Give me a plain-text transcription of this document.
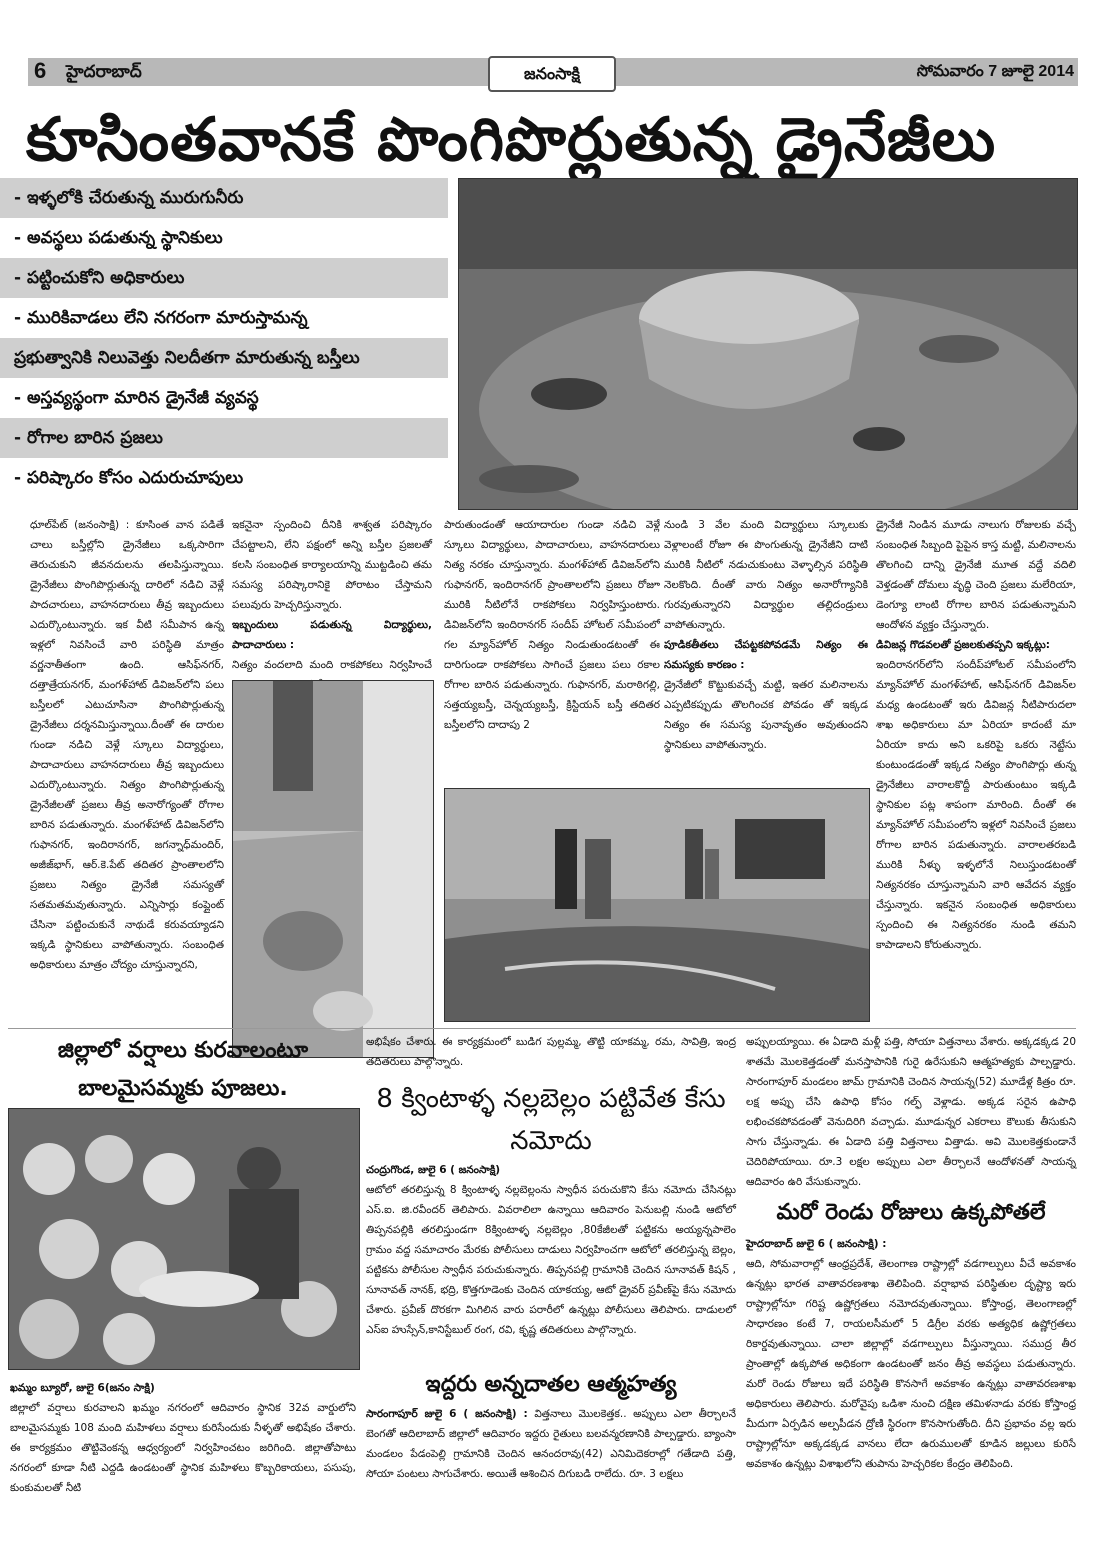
6 హైదరాబాద్	జనంసాక్షి	సోమవారం 7 జూలై 2014
కూసింతవానకే పొంగిపొర్లుతున్న డ్రైనేజీలు
- ఇళ్ళలోకి చేరుతున్న మురుగునీరు
- అవస్థలు పడుతున్న స్థానికులు
- పట్టించుకోని అధికారులు
- మురికివాడలు లేని నగరంగా మారుస్తామన్న
ప్రభుత్వానికి నిలువెత్తు నిలదీతగా మారుతున్న బస్తీలు
- అస్తవ్యస్థంగా మారిన డ్రైనేజీ వ్యవస్థ
- రోగాల బారిన ప్రజలు
- పరిష్కారం కోసం ఎదురుచూపులు
ధూల్‌పేట్ (జనంసాక్షి) : కూసింత వాన పడితే చాలు బస్తీల్లోని డ్రైనేజీలు ఒక్కసారిగా తెరుచుకుని జీవనదులను తలపిస్తున్నాయి. డ్రైనేజీలు పొంగిపొర్లుతున్న దారిలో నడిచి వెళ్లే పాదచారులు, వాహనదారులు తీవ్ర ఇబ్బందులు ఎదుర్కొంటున్నారు. ఇక వీటి సమీపాన ఉన్న ఇళ్లలో నివసించే వారి పరిస్థితి మాత్రం వర్ణనాతీతంగా ఉంది. ఆసిఫ్‌నగర్, దత్తాత్రేయనగర్, మంగళ్‌హాట్ డివిజన్‌లోని పలు బస్తీలలో ఎటుచూసినా పొంగిపొర్లుతున్న డ్రైనేజీలు దర్శనమిస్తున్నాయి.దీంతో ఈ దారుల గుండా నడిచి వెళ్లే స్కూలు విద్యార్థులు, పాదాచారులు వాహనదారులు తీవ్ర ఇబ్బందులు ఎదుర్కొంటున్నారు. నిత్యం పొంగిపొర్లుతున్న డ్రైనేజీలతో ప్రజలు తీవ్ర అనారోగ్యంతో రోగాల బారిన పడుతున్నారు. మంగళ్‌హాట్ డివిజన్‌లోని గుఫానగర్, ఇందిరానగర్, జగన్నాధ్‌మందిర్, అజీజ్‌భాగ్, ఆర్.కె.పేట్ తదితర ప్రాంతాలలోని ప్రజలు నిత్యం డ్రైనేజీ సమస్యతో సతమతమవుతున్నారు. ఎన్నిసార్లు కంప్లైంట్ చేసినా పట్టించుకునే నాథుడే కరువయ్యాడని ఇక్కడి స్థానికులు వాపోతున్నారు. సంబంధిత అధికారులు మాత్రం చోద్యం చూస్తున్నారని,
ఇకనైనా స్పందించి దీనికి శాశ్వత పరిష్కారం చేపట్టాలని, లేని పక్షంలో అన్ని బస్తీల ప్రజలతో కలసి సంబంధిత కార్యాలయాన్ని ముట్టడించి తమ సమస్య పరిష్కారానికై పోరాటం చేస్తామని పలువురు హెచ్చరిస్తున్నారు.
ఇబ్బందులు పడుతున్న విద్యార్థులు, పాదాచారులు :
నిత్యం వందలాది మంది రాకపోకలు నిర్వహించే
పారుతుండంతో ఆయాదారుల గుండా నడిచి వెళ్లే స్కూలు విద్యార్థులు, పాదాచారులు, వాహనదారులు నిత్య నరకం చూస్తున్నారు. మంగళ్‌హాట్ డివిజన్‌లోని గుఫానగర్, ఇందిరానగర్ ప్రాంతాలలోని ప్రజలు రోజూ మురికి నీటిలోనే రాకపోకలు నిర్వహిస్తుంటారు. డివిజన్‌లోని ఇందిరానగర్ సందీప్ హోటల్ సమీపంలో గల మ్యాన్‌హోల్ నిత్యం నిండుతుండటంతో ఈ దారిగుండా రాకపోకలు సాగించే ప్రజలు పలు రకాల రోగాల బారిన పడుతున్నారు. గుఫానగర్, మరాఠిగల్లి, సత్తయ్యబస్తీ, చెన్నయ్యబస్తీ, క్రిస్టియన్ బస్తీ తదితర బస్తీలలోని దాదాపు 2
నుండి 3 వేల మంది విద్యార్థులు స్కూలుకు వెళ్లాలంటే రోజూ ఈ పొంగుతున్న డ్రైనేజీని దాటి మురికి నీటిలో నడుచుకుంటు వెళ్ళాల్సిన పరిస్థితి నెలకొంది. దీంతో వారు నిత్యం అనారోగ్యానికి గురవుతున్నారని విద్యార్థుల తల్లిదండ్రులు వాపోతున్నారు.
పూడికతీతలు చేపట్టకపోవడమే నిత్యం ఈ సమస్యకు కారణం :
డ్రైనేజీలో కొట్టుకువచ్చే మట్టి, ఇతర మలినాలను ఎప్పటికప్పుడు తొలగించక పోవడం తో ఇక్కడ నిత్యం ఈ సమస్య పునావృతం అవుతుందని స్థానికులు వాపోతున్నారు.
డ్రైనేజీ నిండిన మూడు నాలుగు రోజులకు వచ్చే సంబంధిత సిబ్బంది పైపైన కాస్త మట్టి, మలినాలను తొలగించి దాన్ని డ్రైనేజీ మూత వద్దే వదిలి వెళ్తడంతో దోమలు వృద్ధి చెంది ప్రజలు మలేరియా, డెంగ్యూ లాంటి రోగాల బారిన పడుతున్నామని ఆందోళన వ్యక్తం చేస్తున్నారు.
డివిజన్ల గొడవలతో ప్రజలకుతప్పని ఇక్కట్లు:
ఇందిరానగర్‌లోని సందీప్‌హోటల్ సమీపంలోని మ్యాన్‌హోల్ మంగళ్‌హాట్, ఆసిఫ్‌నగర్ డివిజన్‌ల మధ్య ఉండటంతో ఇరు డివిజన్ల నీటిపారుదలా శాఖ అధికారులు మా ఏరియా కాదంటే మా ఏరియా కాదు అని ఒకరిపై ఒకరు నెట్టేసు కుంటుండడంతో ఇక్కడ నిత్యం పొంగిపొర్లు తున్న డ్రైనేజీలు వారాలకొద్దీ పారుతుంటుం ఇక్కడి స్థానికుల పట్ల శాపంగా మారింది. దీంతో ఈ మ్యాన్‌హోల్ సమీపంలోని ఇళ్లలో నివసించే ప్రజలు రోగాల బారిన పడుతున్నారు. వారాలతరబడి మురికి నీళ్ళు ఇళ్ళలోనే నిలుస్తుండటంతో నిత్యనరకం చూస్తున్నామని వారి ఆవేదన వ్యక్తం చేస్తున్నారు. ఇకనైన సంబంధిత అధికారులు స్పందించి ఈ నిత్యనరకం నుండి తమని కాపాడాలని కోరుతున్నారు.
జిల్లాలో వర్షాలు కురవాలంటూ
బాలమైసమ్మకు పూజలు.
ఖమ్మం బ్యూరో, జులై 6(జనం సాక్షి)
జిల్లాలో వర్షాలు కురవాలని ఖమ్మం నగరంలో ఆదివారం స్థానిక 32వ వార్డులోని బాలమైసమ్మకు 108 మంది మహిళలు వర్షాలు కురిసేందుకు నీళ్ళతో అభిషేకం చేశారు. ఈ కార్యక్రమం తొట్టివెంకన్న ఆధ్వర్యంలో నిర్వహించటం జరిగింది. జిల్లాతోపాటు నగరంలో కూడా నీటి ఎద్దడి ఉండటంతో స్థానిక మహిళలు కొబ్బరికాయలు, పసుపు, కుంకుమలతో నీటి
అభిషేకం చేశారు. ఈ కార్యక్రమంలో బుడిగ పుల్లమ్మ, తొట్టి యాకమ్మ, రమ, సావిత్రి, ఇంద్ర తదితరులు పాల్గొన్నారు.
8 క్వింటాళ్ళ నల్లబెల్లం పట్టివేత కేసు నమోదు
చంద్రుగొండ, జులై 6 ( జనంసాక్షి)
ఆటోలో తరలిస్తున్న 8 క్వింటాళ్ళ నల్లబెల్లంను స్వాధీన పరుచుకొని కేసు నమోదు చేసినట్లు ఎస్.ఐ. జి.రవీందర్ తెలిపారు. వివరాలిలా ఉన్నాయి ఆదివారం పెనుబల్లి నుండి ఆటోలో తిప్పనపల్లికి తరలిస్తుండగా 8క్వింటాళ్ళ నల్లబెల్లం ,80కేజీలతో పట్టికను అయ్యన్నపాలెం గ్రామం వద్ద సమాచారం మేరకు పోలీసులు దాడులు నిర్వహించగా ఆటోలో తరలిస్తున్న బెల్లం, పట్టికను పోలీసుల స్వాధీన పరుచుకున్నారు. తిప్పనపల్లి గ్రామానికి చెందిన సూనావత్ కిషన్ , సూనావత్ నానక్, భద్రి, కొత్తగూడెంకు చెందిన యాకయ్య, ఆటో డ్రైవర్ ప్రవీణ్‌పై కేసు నమోదు చేశారు. ప్రవీణ్ దొరకగా మిగిలిన వారు పరారీలో ఉన్నట్లు పోలీసులు తెలిపారు. దాడులలో ఎస్ఐ హుస్సేన్,కానిస్టేబుల్ రంగ, రవి, కృష్ణ తదితరులు పాల్గొన్నారు.
ఇద్దరు అన్నదాతల ఆత్మహత్య
సారంగాపూర్ జులై 6 ( జనంసాక్షి) : విత్తనాలు మొలకెత్తక.. అప్పులు ఎలా తీర్చాలనే బెంగతో ఆదిలాబాద్ జిల్లాలో ఆదివారం ఇద్దరు రైతులు బలవన్మరణానికి పాల్పడ్డారు. బ్యాంసా మండలం పేడంపెల్లి గ్రామానికి చెందిన ఆనందరావు(42) ఎనిమిదెకరాల్లో గతేడాది పత్తి, సోయా పంటలు సాగుచేశారు. అయితే ఆశించిన దిగుబడి రాలేదు. రూ. 3 లక్షలు
అప్పులయ్యాయి. ఈ ఏడాది మళ్లీ పత్తి, సోయా విత్తనాలు వేశారు. అక్కడక్కడ 20 శాతమే మొలకెత్తడంతో మనస్తాపానికి గురై ఉరేసుకుని ఆత్మహత్యకు పాల్పడ్డారు. సారంగాపూర్ మండలం జామ్ గ్రామానికి చెందిన సాయన్న(52) మూడేళ్ల కిత్రం రూ. లక్ష అప్పు చేసి ఉపాధి కోసం గల్ఫ్ వెళ్లాడు. అక్కడ సరైన ఉపాధి లభించకపోవడంతో వెనుదిరిగి వచ్చాడు. మూడున్నర ఎకరాలు కౌలుకు తీసుకుని సాగు చేస్తున్నాడు. ఈ ఏడాది పత్తి విత్తనాలు విత్తాడు. అవి మొలకెత్తకుండానే చెదిరిపోయాయి. రూ.3 లక్షల అప్పులు ఎలా తీర్చాలనే ఆందోళనతో సాయన్న ఆదివారం ఉరి వేసుకున్నారు.
మరో రెండు రోజులు ఉక్కపోతలే
హైదరాబాద్ జులై 6 ( జనంసాక్షి) :
ఆది, సోమవారాల్లో ఆంధ్రప్రదేశ్, తెలంగాణ రాష్ట్రాల్లో వడగాల్పులు వీచే అవకాశం ఉన్నట్లు భారత వాతావరణశాఖ తెలిపింది. వర్షాభావ పరిస్థితుల దృష్ట్యా ఇరు రాష్ట్రాల్లోనూ గరిష్ట ఉష్ణోగ్రతలు నమోదవుతున్నాయి. కోస్తాంధ్ర, తెలంగాణల్లో సాధారణం కంటే 7, రాయలసీమలో 5 డిగ్రీల వరకు అత్యధిక ఉష్ణోగ్రతలు రికార్డవుతున్నాయి. చాలా జిల్లాల్లో వడగాల్పులు వీస్తున్నాయి. సముద్ర తీర ప్రాంతాల్లో ఉక్కపోత అధికంగా ఉండటంతో జనం తీవ్ర అవస్థలు పడుతున్నారు. మరో రెండు రోజులు ఇదే పరిస్థితి కొనసాగే అవకాశం ఉన్నట్లు వాతావరణశాఖ అధికారులు తెలిపారు. మరోవైపు ఒడిశా నుంచి దక్షిణ తమిళనాడు వరకు కోస్తాంధ్ర మీదుగా ఏర్పడిన అల్పపీడన ద్రోణి స్థిరంగా కొనసాగుతోంది. దీని ప్రభావం వల్ల ఇరు రాష్ట్రాల్లోనూ అక్కడక్కడ వానలు లేదా ఉరుములతో కూడిన జల్లులు కురిసే అవకాశం ఉన్నట్లు విశాఖలోని తుపాను హెచ్చరికల కేంద్రం తెలిపింది.
